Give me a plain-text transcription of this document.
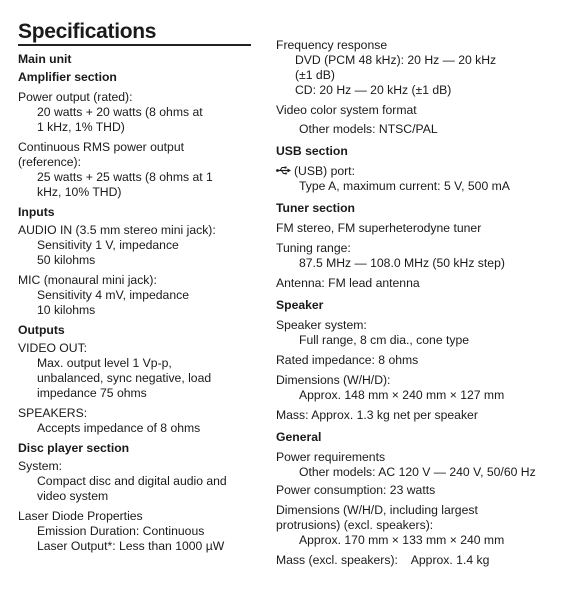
Specifications
Main unit
Amplifier section
Power output (rated):
20 watts + 20 watts (8 ohms at
1 kHz, 1% THD)
Continuous RMS power output
(reference):
25 watts + 25 watts (8 ohms at 1
kHz, 10% THD)
Inputs
AUDIO IN (3.5 mm stereo mini jack):
Sensitivity 1 V, impedance
50 kilohms
MIC (monaural mini jack):
Sensitivity 4 mV, impedance
10 kilohms
Outputs
VIDEO OUT:
Max. output level 1 Vp-p,
unbalanced, sync negative, load
impedance 75 ohms
SPEAKERS:
Accepts impedance of 8 ohms
Disc player section
System:
Compact disc and digital audio and
video system
Laser Diode Properties
Emission Duration: Continuous
Laser Output*: Less than 1000 µW
Frequency response
DVD (PCM 48 kHz): 20 Hz — 20 kHz
(±1 dB)
CD: 20 Hz — 20 kHz (±1 dB)
Video color system format
Other models: NTSC/PAL
USB section
(USB) port:
Type A, maximum current: 5 V, 500 mA
Tuner section
FM stereo, FM superheterodyne tuner
Tuning range:
87.5 MHz — 108.0 MHz (50 kHz step)
Antenna: FM lead antenna
Speaker
Speaker system:
Full range, 8 cm dia., cone type
Rated impedance: 8 ohms
Dimensions (W/H/D):
Approx. 148 mm × 240 mm × 127 mm
Mass: Approx. 1.3 kg net per speaker
General
Power requirements
Other models: AC 120 V — 240 V, 50/60 Hz
Power consumption: 23 watts
Dimensions (W/H/D, including largest
protrusions) (excl. speakers):
Approx. 170 mm × 133 mm × 240 mm
Mass (excl. speakers):    Approx. 1.4 kg
